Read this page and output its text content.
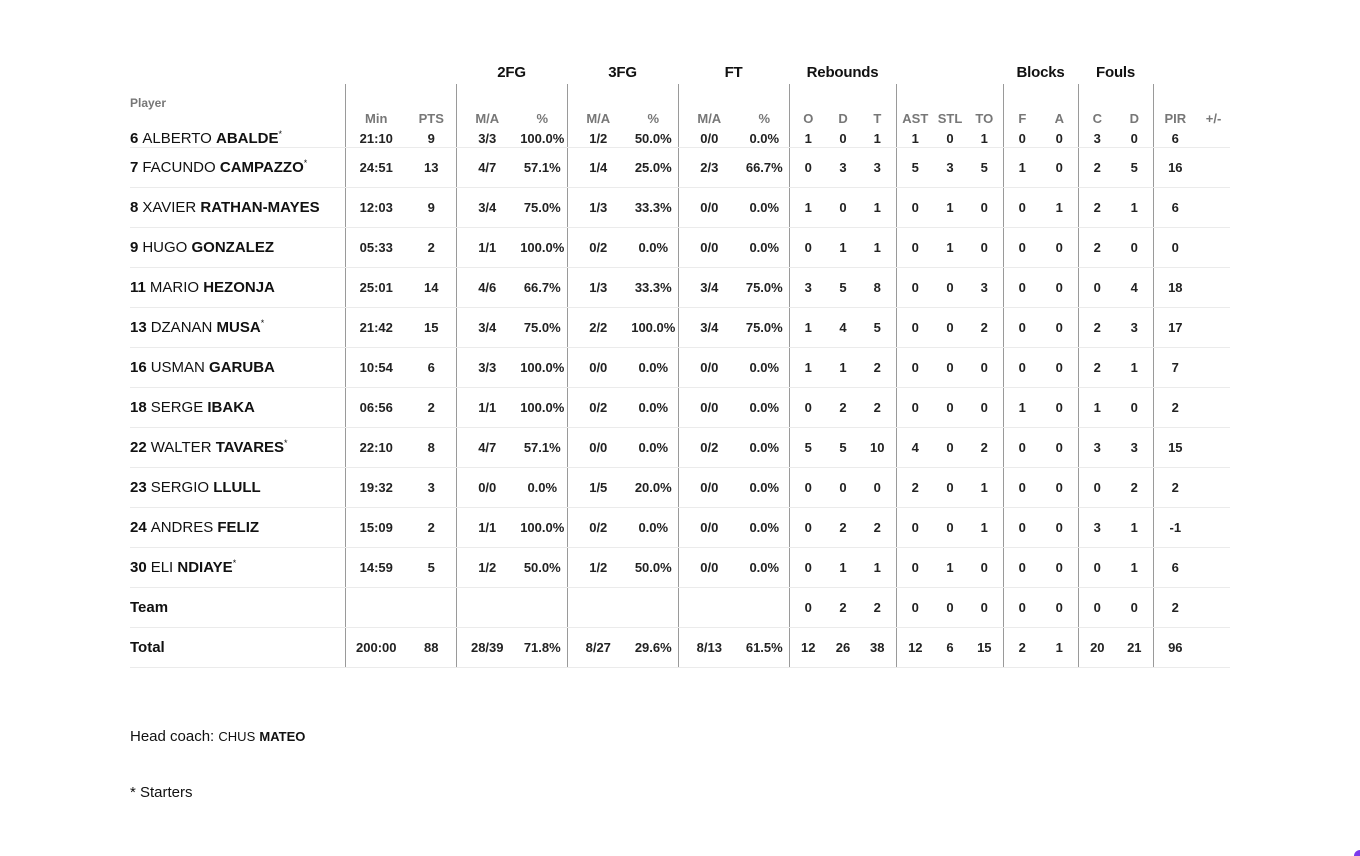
			2FG		3FG		FT		Rebounds						Blocks		Fouls			
Player	Min	PTS	M/A	%	M/A	%	M/A	%	O	D	T	AST	STL	TO	F	A	C	D	PIR	+/-
6 ALBERTO ABALDE*	21:10	9	3/3	100.0%	1/2	50.0%	0/0	0.0%	1	0	1	1	0	1	0	0	3	0	6	
7 FACUNDO CAMPAZZO*	24:51	13	4/7	57.1%	1/4	25.0%	2/3	66.7%	0	3	3	5	3	5	1	0	2	5	16	
8 XAVIER RATHAN-MAYES	12:03	9	3/4	75.0%	1/3	33.3%	0/0	0.0%	1	0	1	0	1	0	0	1	2	1	6	
9 HUGO GONZALEZ	05:33	2	1/1	100.0%	0/2	0.0%	0/0	0.0%	0	1	1	0	1	0	0	0	2	0	0	
11 MARIO HEZONJA	25:01	14	4/6	66.7%	1/3	33.3%	3/4	75.0%	3	5	8	0	0	3	0	0	0	4	18	
13 DZANAN MUSA*	21:42	15	3/4	75.0%	2/2	100.0%	3/4	75.0%	1	4	5	0	0	2	0	0	2	3	17	
16 USMAN GARUBA	10:54	6	3/3	100.0%	0/0	0.0%	0/0	0.0%	1	1	2	0	0	0	0	0	2	1	7	
18 SERGE IBAKA	06:56	2	1/1	100.0%	0/2	0.0%	0/0	0.0%	0	2	2	0	0	0	1	0	1	0	2	
22 WALTER TAVARES*	22:10	8	4/7	57.1%	0/0	0.0%	0/2	0.0%	5	5	10	4	0	2	0	0	3	3	15	
23 SERGIO LLULL	19:32	3	0/0	0.0%	1/5	20.0%	0/0	0.0%	0	0	0	2	0	1	0	0	0	2	2	
24 ANDRES FELIZ	15:09	2	1/1	100.0%	0/2	0.0%	0/0	0.0%	0	2	2	0	0	1	0	0	3	1	-1	
30 ELI NDIAYE*	14:59	5	1/2	50.0%	1/2	50.0%	0/0	0.0%	0	1	1	0	1	0	0	0	0	1	6	
Team									0	2	2	0	0	0	0	0	0	0	2	
Total	200:00	88	28/39	71.8%	8/27	29.6%	8/13	61.5%	12	26	38	12	6	15	2	1	20	21	96	
Head coach: CHUS MATEO
* Starters
